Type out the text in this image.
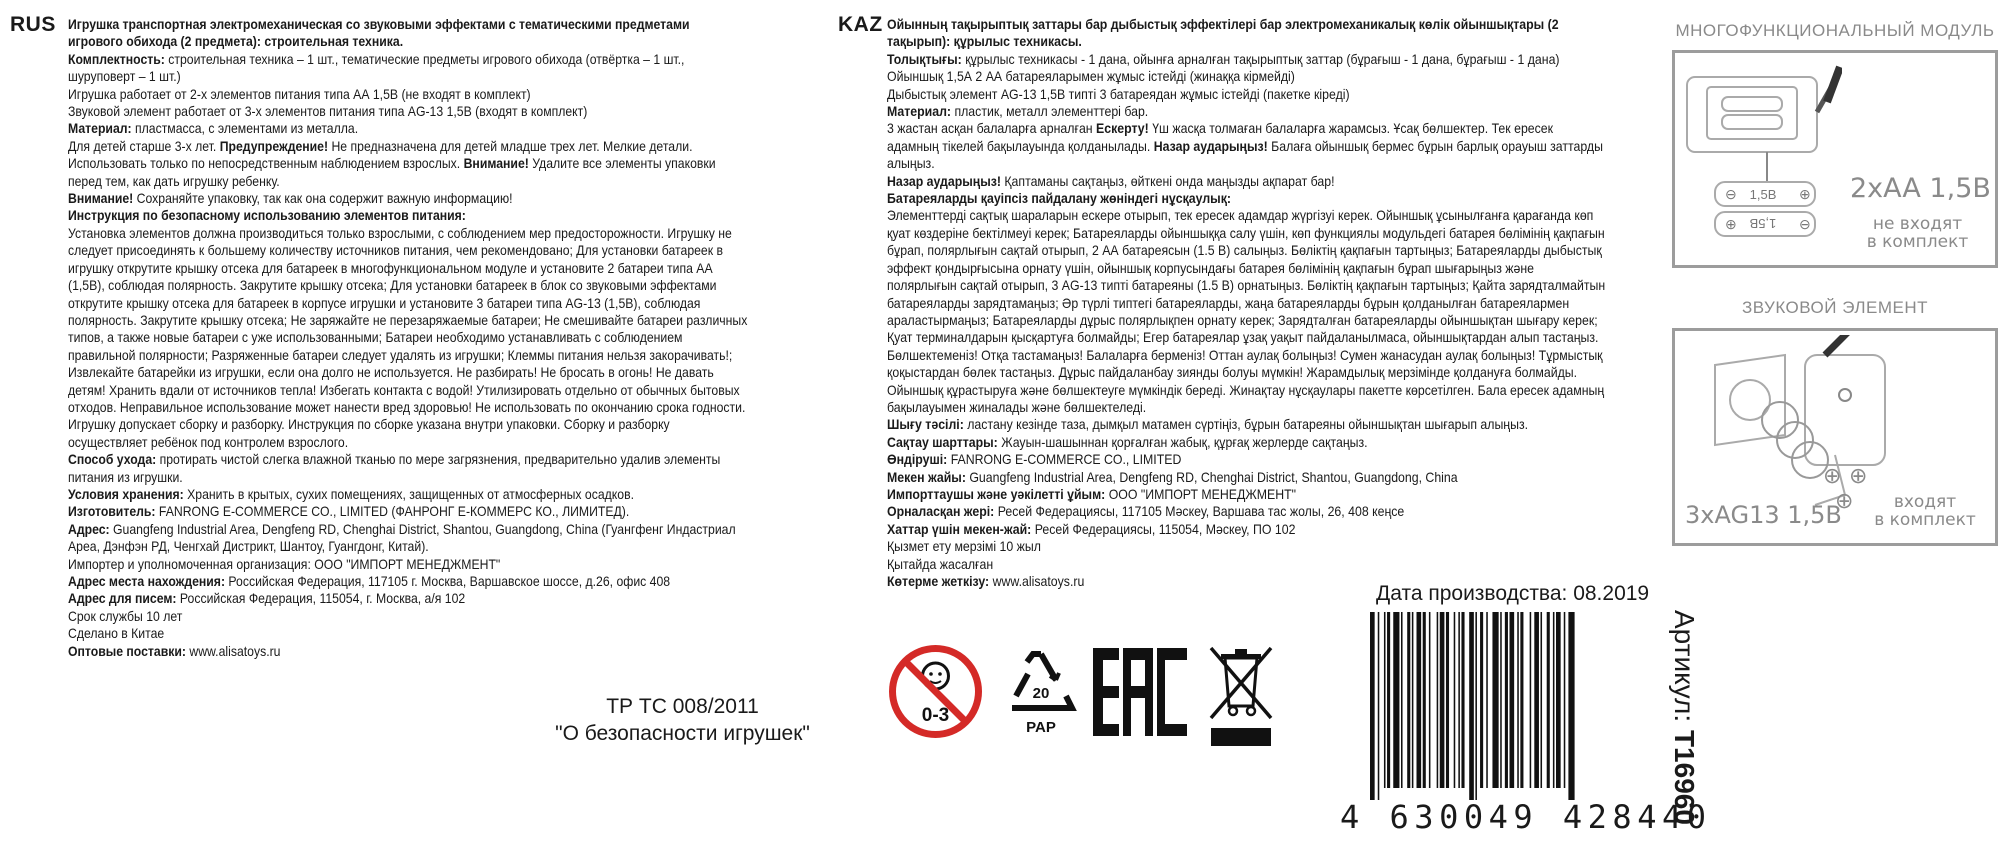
RUS Игрушка транспортная электромеханическая со звуковыми эффектами с тематическими предметами игрового обихода (2 предмета): строительная техника.

Комплектность: строительная техника – 1 шт., тематические предметы игрового обихода (отвёртка – 1 шт., шуруповерт – 1 шт.)

Игрушка работает от 2-х элементов питания типа АА 1,5В (не входят в комплект)

Звуковой элемент работает от 3-х элементов питания типа AG-13 1,5В (входят в комплект)

Материал: пластмасса, с элементами из металла.

Для детей старше 3-х лет. Предупреждение! Не предназначена для детей младше трех лет. Мелкие детали. Использовать только по непосредственным наблюдением взрослых. Внимание! Удалите все элементы упаковки перед тем, как дать игрушку ребенку.

Внимание! Сохраняйте упаковку, так как она содержит важную информацию!

Инструкция по безопасному использованию элементов питания:

Установка элементов должна производиться только взрослыми, с соблюдением мер предосторожности. Игрушку не следует присоединять к большему количеству источников питания, чем рекомендовано; Для установки батареек в игрушку открутите крышку отсека для батареек в многофункциональном модуле и установите 2 батареи типа АА (1,5В), соблюдая полярность. Закрутите крышку отсека; Для установки батареек в блок со звуковыми эффектами открутите крышку отсека для батареек в корпусе игрушки и установите 3 батареи типа AG-13 (1,5В), соблюдая полярность. Закрутите крышку отсека; Не заряжайте не перезаряжаемые батареи; Не смешивайте батареи различных типов, а также новые батареи с уже использованными; Батареи необходимо устанавливать с соблюдением правильной полярности; Разряженные батареи следует удалять из игрушки; Клеммы питания нельзя закорачивать!; Извлекайте батарейки из игрушки, если она долго не используется. Не разбирать! Не бросать в огонь! Не давать детям! Хранить вдали от источников тепла! Избегать контакта с водой! Утилизировать отдельно от обычных бытовых отходов. Неправильное использование может нанести вред здоровью! Не использовать по окончанию срока годности. Игрушку допускает сборку и разборку. Инструкция по сборке указана внутри упаковки. Сборку и разборку осуществляет ребёнок под контролем взрослого.

Способ ухода: протирать чистой слегка влажной тканью по мере загрязнения, предварительно удалив элементы питания из игрушки.

Условия хранения: Хранить в крытых, сухих помещениях, защищенных от атмосферных осадков.

Изготовитель: FANRONG E-COMMERCE CO., LIMITED (ФАНРОНГ Е-КОММЕРС КО., ЛИМИТЕД).

Адрес: Guangfeng Industrial Area, Dengfeng RD, Chenghai District, Shantou, Guangdong, China (Гуангфенг Индастриал Ареа, Дэнфэн РД, Ченгхай Дистрикт, Шантоу, Гуангдонг, Китай).

Импортер и уполномоченная организация: ООО "ИМПОРТ МЕНЕДЖМЕНТ"

Адрес места нахождения: Российская Федерация, 117105 г. Москва, Варшавское шоссе, д.26, офис 408

Адрес для писем: Российская Федерация, 115054, г. Москва, а/я 102

Срок службы 10 лет

Сделано в Китае

Оптовые поставки: www.alisatoys.ru

ТР ТС 008/2011
"О безопасности игрушек"
KAZ Ойынның тақырыптық заттары бар дыбыстық эффектілері бар электромеханикалық көлік ойыншықтары (2 тақырып): құрылыс техникасы.

Толықтығы: құрылыс техникасы - 1 дана, ойынға арналған тақырыптық заттар (бұрағыш - 1 дана, бұрағыш - 1 дана)

Ойыншық 1,5А 2 АА батареяларымен жұмыс істейді (жинаққа кірмейді)

Дыбыстық элемент AG-13 1,5В типті 3 батареядан жұмыс істейді (пакетке кіреді)

Материал: пластик, металл элементтері бар.

3 жастан асқан балаларға арналған Ескерту! Үш жасқа толмаған балаларға жарамсыз. Ұсақ бөлшектер. Тек ересек адамның тікелей бақылауында қолданылады. Назар аударыңыз! Балаға ойыншық бермес бұрын барлық орауыш заттарды алыңыз.

Назар аударыңыз! Қаптаманы сақтаңыз, өйткені онда маңызды ақпарат бар!

Батареяларды қауіпсіз пайдалану жөніндегі нұсқаулық:

Элементтерді сақтық шараларын ескере отырып, тек ересек адамдар жүргізуі керек. Ойыншық ұсынылғанға қарағанда көп қуат көздеріне бектілмеуі керек; Батареяларды ойыншыққа салу үшін, көп функциялы модульдегі батарея бөлімінің қақпағын бұрап, полярлығын сақтай отырып, 2 АА батареясын (1.5 В) салыңыз. Бөліктің қақпағын тартыңыз; Батареяларды дыбыстық эффект қондырғысына орнату үшін, ойыншық корпусындағы батарея бөлімінің қақпағын бұрап шығарыңыз және полярлығын сақтай отырып, 3 AG-13 типті батареяны (1.5 В) орнатыңыз. Бөліктің қақпағын тартыңыз; Қайта зарядталмайтын батареяларды зарядтамаңыз; Әр түрлі типтегі батареяларды, жаңа батареяларды бұрын қолданылған батареялармен араластырмаңыз; Батареяларды дұрыс полярлықпен орнату керек; Зарядталған батареяларды ойыншықтан шығару керек; Қуат терминалдарын қысқартуға болмайды; Егер батареялар ұзақ уақыт пайдаланылмаса, ойыншықтардан алып тастаңыз. Бөлшектеменіз! Отқа тастамаңыз! Балаларға берменіз! Оттан аулақ болыңыз! Сумен жанасудан аулақ болыңыз! Тұрмыстық қоқыстардан бөлек тастаңыз. Дұрыс пайдаланбау зиянды болуы мүмкін! Жарамдылық мерзімінде қолдануға болмайды. Ойыншық құрастыруға және бөлшектеуге мүмкіндік береді. Жинақтау нұсқаулары пакетте көрсетілген. Бала ересек адамның бақылауымен жиналады және бөлшектеледі.

Шығу тәсілі: ластану кезінде таза, дымқыл матамен сүртіңіз, бұрын батареяны ойыншықтан шығарып алыңыз.

Сақтау шарттары: Жауын-шашыннан қорғалған жабық, құрғақ жерлерде сақтаңыз.

Өндіруші: FANRONG E-COMMERCE CO., LIMITED

Мекен жайы: Guangfeng Industrial Area, Dengfeng RD, Chenghai District, Shantou, Guangdong, China

Импорттаушы және уәкілетті ұйым: ООО "ИМПОРТ МЕНЕДЖМЕНТ"

Орналасқан жері: Ресей Федерациясы, 117105 Мәскеу, Варшава тас жолы, 26, 408 кеңсе

Хаттар үшін мекен-жай: Ресей Федерациясы, 115054, Мәскеу, ПО 102

Қызмет ету мерзімі 10 жыл

Қытайда жасалған

Көтерме жеткізу: www.alisatoys.ru

0-3
20
PAP
Дата производства: 08.2019
4 630049 428440
Артикул: T16960
МНОГОФУНКЦИОНАЛЬНЫЙ МОДУЛЬ
1,5B
⊖	⊕
1,5B
⊕	⊖
2xAA 1,5В
не входят
в комплект
ЗВУКОВОЙ ЭЛЕМЕНТ
⊕ ⊕
⊕
3xAG13 1,5В	входят
в комплект
